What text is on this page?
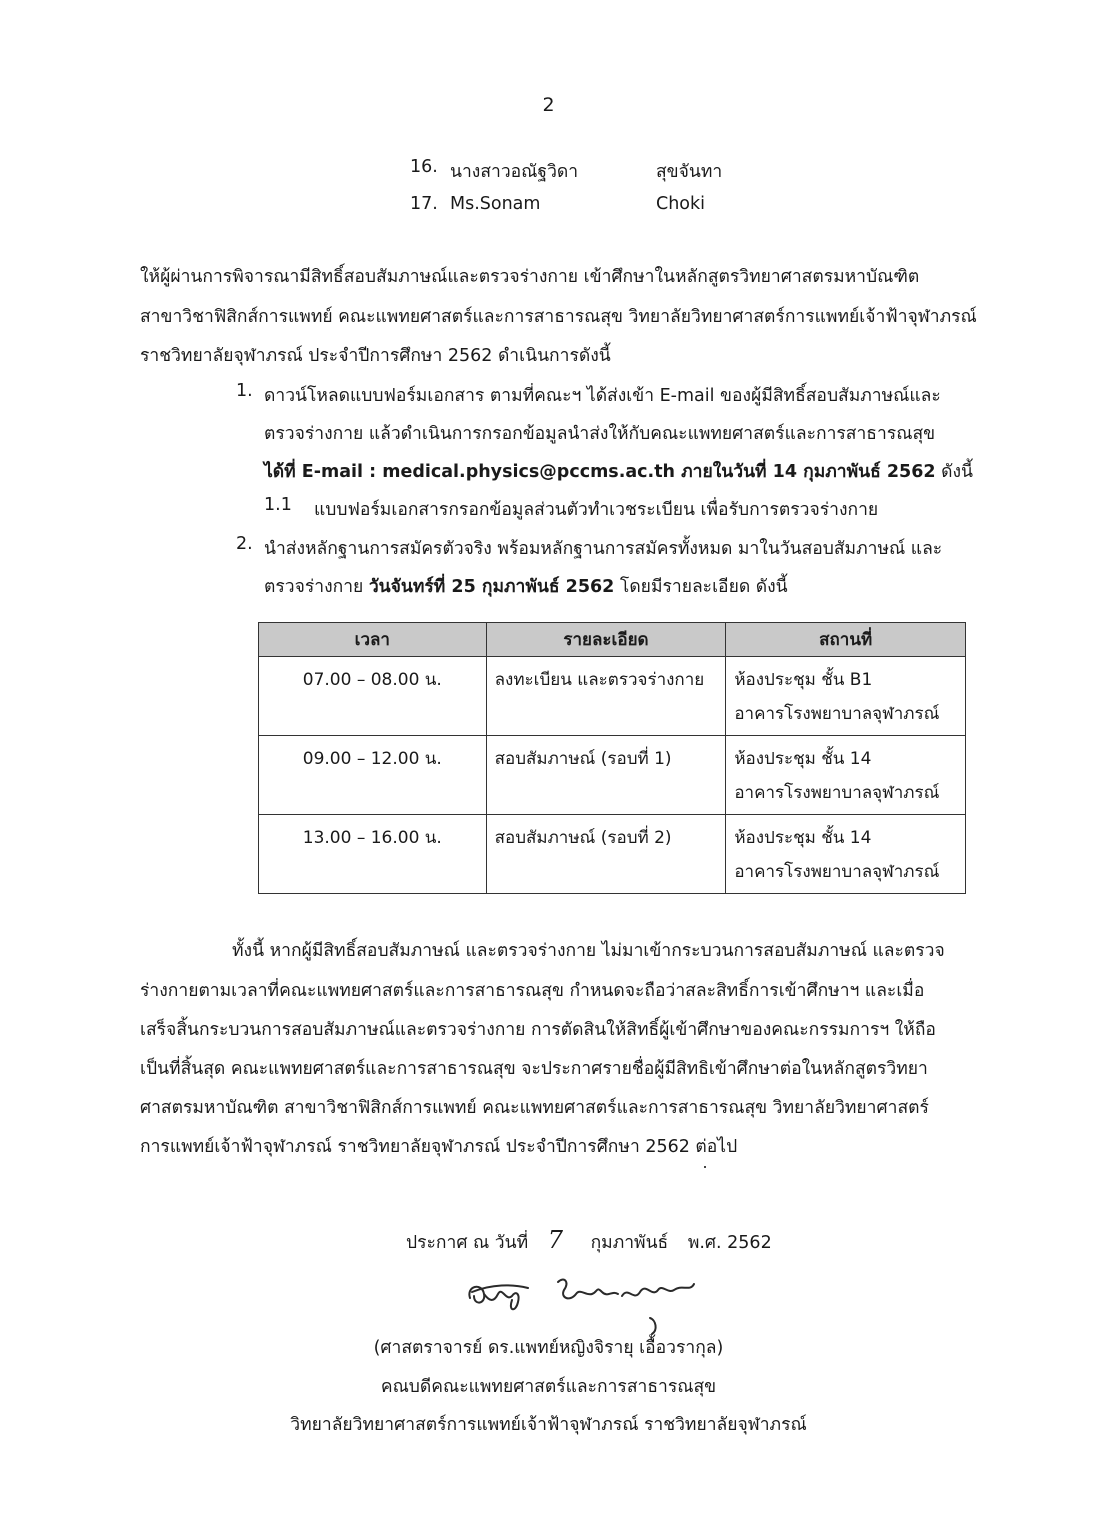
2
16. นางสาวอณัฐวิดา	สุขจันทา
17. Ms.Sonam	Choki
ให้ผู้ผ่านการพิจารณามีสิทธิ์สอบสัมภาษณ์และตรวจร่างกาย เข้าศึกษาในหลักสูตรวิทยาศาสตรมหาบัณฑิต
สาขาวิชาฟิสิกส์การแพทย์ คณะแพทยศาสตร์และการสาธารณสุข วิทยาลัยวิทยาศาสตร์การแพทย์เจ้าฟ้าจุฬาภรณ์
ราชวิทยาลัยจุฬาภรณ์ ประจำปีการศึกษา 2562 ดำเนินการดังนี้
1. ดาวน์โหลดแบบฟอร์มเอกสาร ตามที่คณะฯ ได้ส่งเข้า E-mail ของผู้มีสิทธิ์สอบสัมภาษณ์และ
ตรวจร่างกาย แล้วดำเนินการกรอกข้อมูลนำส่งให้กับคณะแพทยศาสตร์และการสาธารณสุข
ได้ที่ E-mail : medical.physics@pccms.ac.th ภายในวันที่ 14 กุมภาพันธ์ 2562 ดังนี้
1.1 แบบฟอร์มเอกสารกรอกข้อมูลส่วนตัวทำเวชระเบียน เพื่อรับการตรวจร่างกาย
2. นำส่งหลักฐานการสมัครตัวจริง พร้อมหลักฐานการสมัครทั้งหมด มาในวันสอบสัมภาษณ์ และ
ตรวจร่างกาย วันจันทร์ที่ 25 กุมภาพันธ์ 2562 โดยมีรายละเอียด ดังนี้
เวลา	รายละเอียด	สถานที่
07.00 – 08.00 น.	ลงทะเบียน และตรวจร่างกาย	ห้องประชุม ชั้น B1
		อาคารโรงพยาบาลจุฬาภรณ์
09.00 – 12.00 น.	สอบสัมภาษณ์ (รอบที่ 1)	ห้องประชุม ชั้น 14
		อาคารโรงพยาบาลจุฬาภรณ์
13.00 – 16.00 น.	สอบสัมภาษณ์ (รอบที่ 2)	ห้องประชุม ชั้น 14
		อาคารโรงพยาบาลจุฬาภรณ์
ทั้งนี้ หากผู้มีสิทธิ์สอบสัมภาษณ์ และตรวจร่างกาย ไม่มาเข้ากระบวนการสอบสัมภาษณ์ และตรวจ
ร่างกายตามเวลาที่คณะแพทยศาสตร์และการสาธารณสุข กำหนดจะถือว่าสละสิทธิ์การเข้าศึกษาฯ และเมื่อ
เสร็จสิ้นกระบวนการสอบสัมภาษณ์และตรวจร่างกาย การตัดสินให้สิทธิ์ผู้เข้าศึกษาของคณะกรรมการฯ ให้ถือ
เป็นที่สิ้นสุด คณะแพทยศาสตร์และการสาธารณสุข จะประกาศรายชื่อผู้มีสิทธิเข้าศึกษาต่อในหลักสูตรวิทยา
ศาสตรมหาบัณฑิต สาขาวิชาฟิสิกส์การแพทย์ คณะแพทยศาสตร์และการสาธารณสุข วิทยาลัยวิทยาศาสตร์
การแพทย์เจ้าฟ้าจุฬาภรณ์ ราชวิทยาลัยจุฬาภรณ์ ประจำปีการศึกษา 2562 ต่อไป
ประกาศ ณ วันที่ 7 กุมภาพันธ์ พ.ศ. 2562
(ศาสตราจารย์ ดร.แพทย์หญิงจิรายุ เอื้อวรากุล)
คณบดีคณะแพทยศาสตร์และการสาธารณสุข
วิทยาลัยวิทยาศาสตร์การแพทย์เจ้าฟ้าจุฬาภรณ์ ราชวิทยาลัยจุฬาภรณ์
